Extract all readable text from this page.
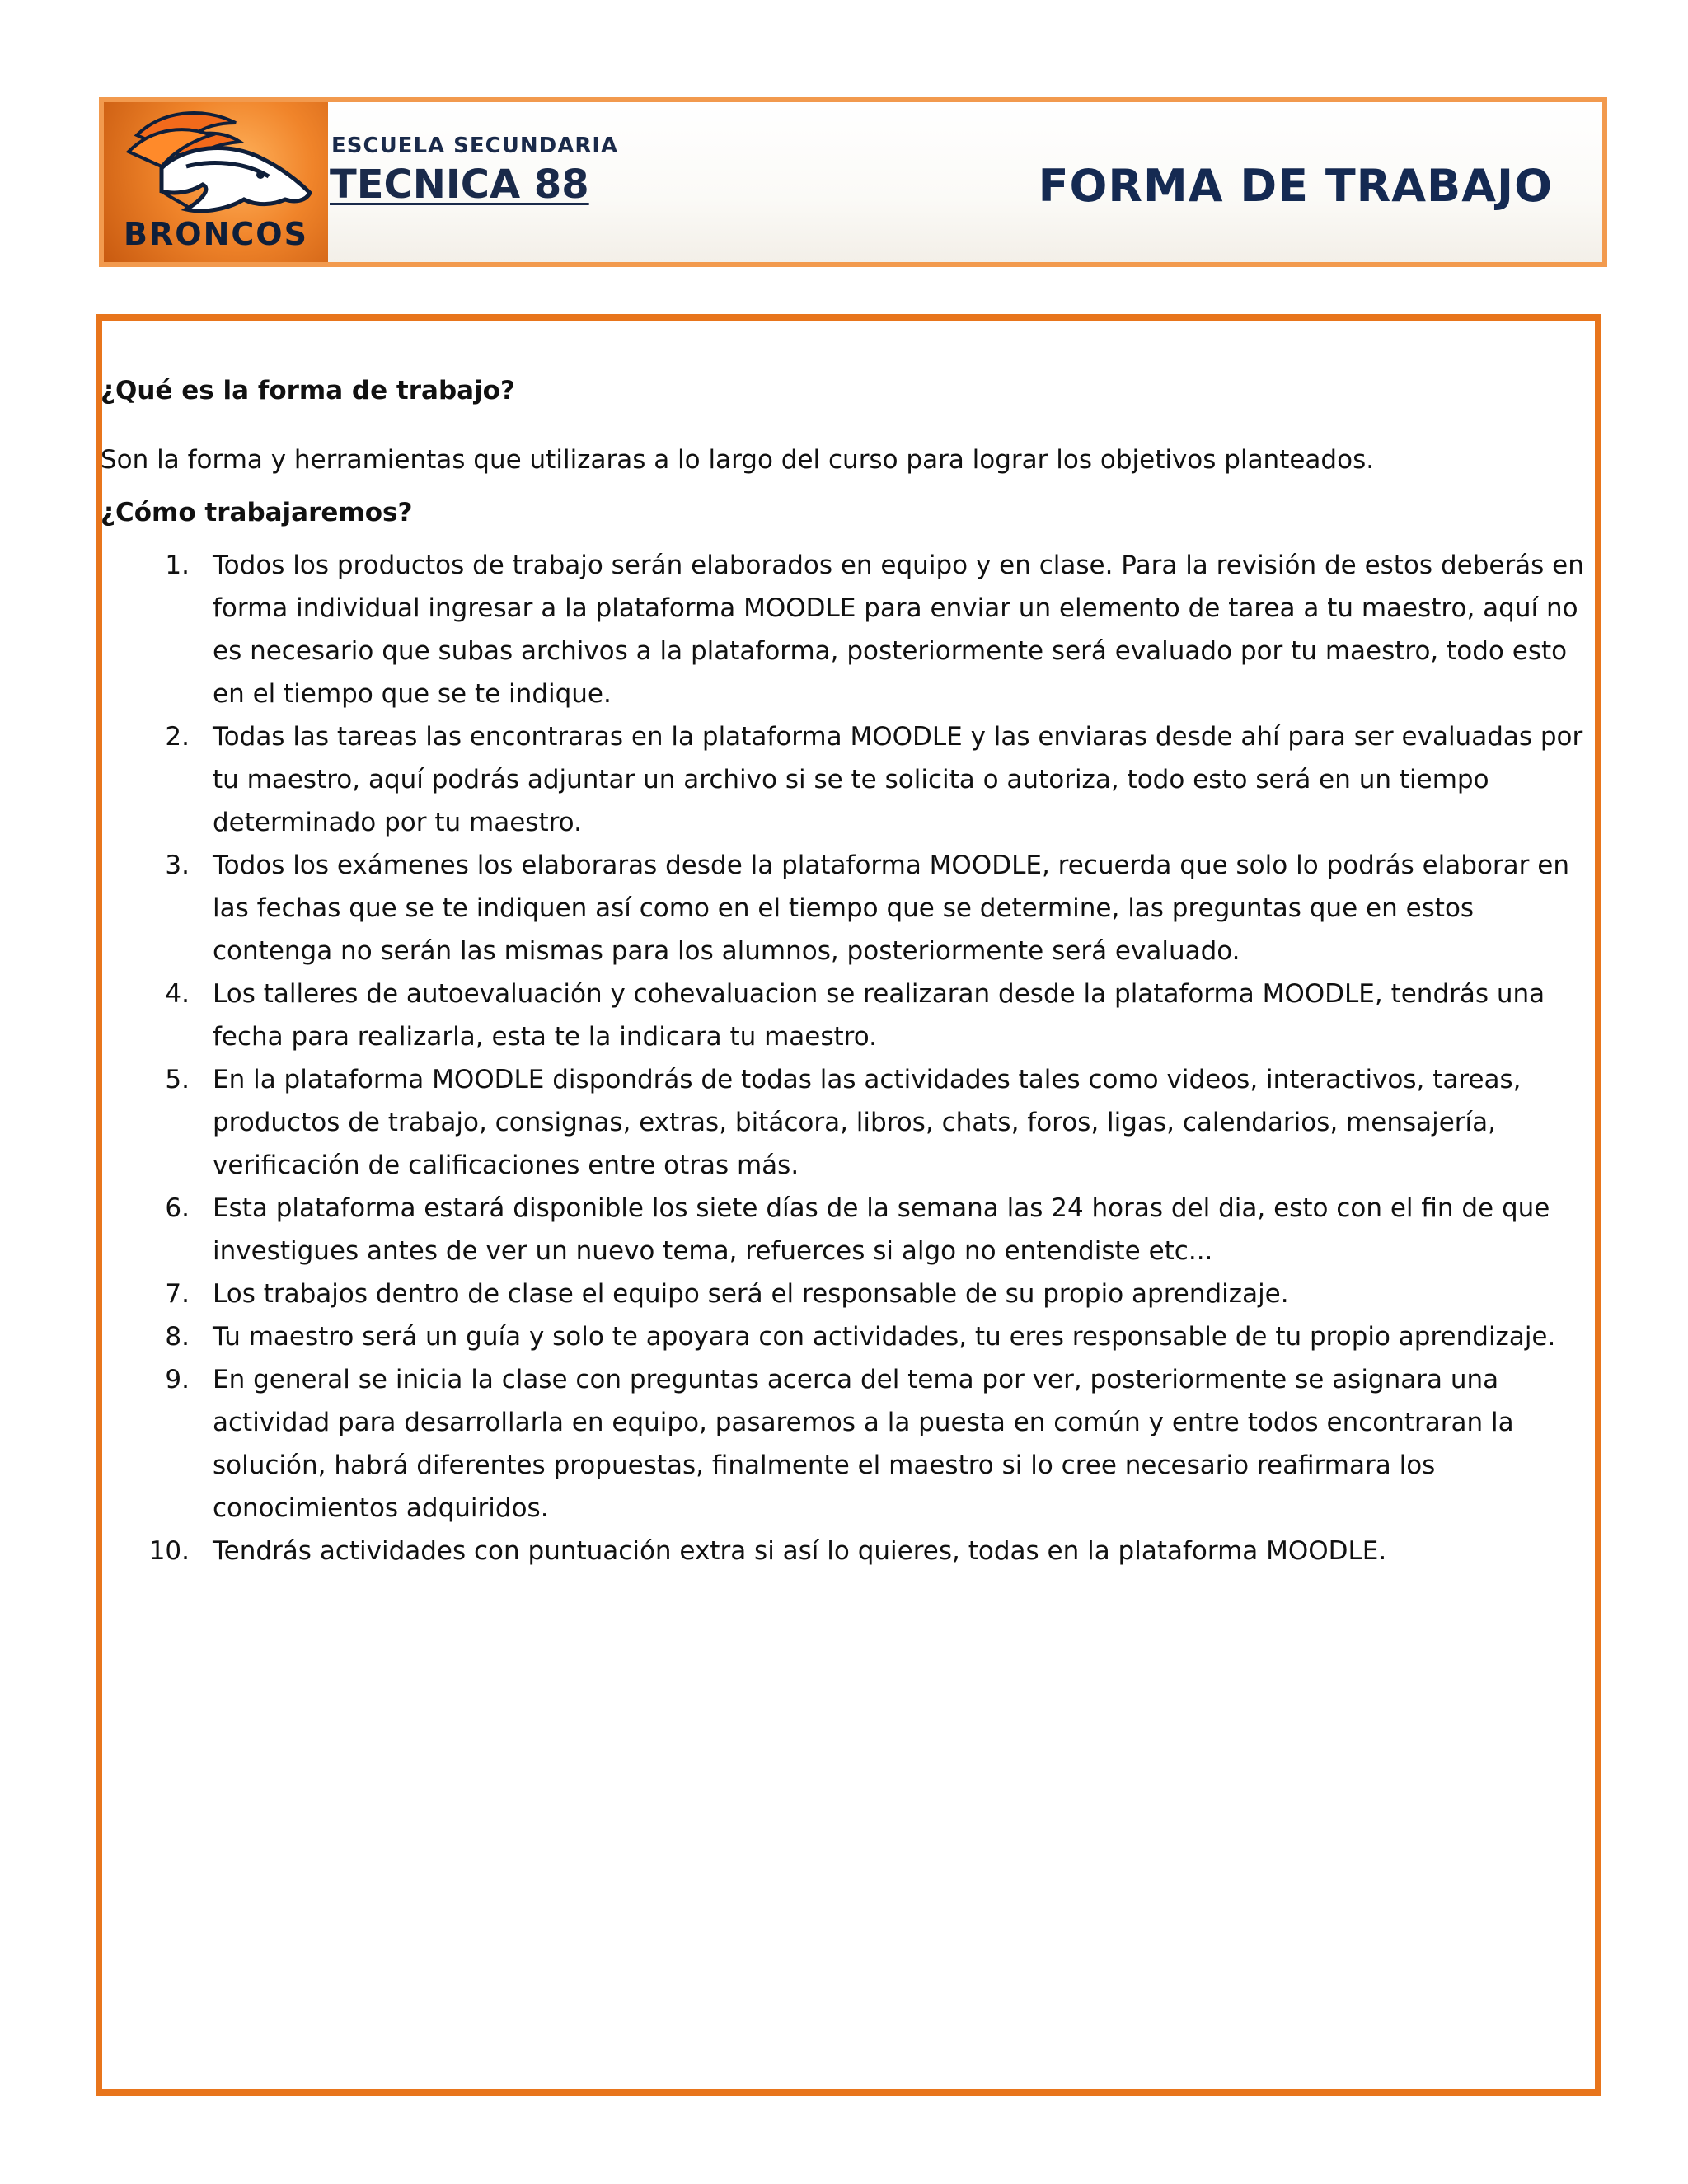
BRONCOS
ESCUELA SECUNDARIA
TECNICA 88	FORMA DE TRABAJO

¿Qué es la forma de trabajo?

Son la forma y herramientas que utilizaras a lo largo del curso para lograr los objetivos planteados.

¿Cómo trabajaremos?

1. Todos los productos de trabajo serán elaborados en equipo y en clase. Para la revisión de estos deberás en forma individual ingresar a la plataforma MOODLE para enviar un elemento de tarea a tu maestro, aquí no es necesario que subas archivos a la plataforma, posteriormente será evaluado por tu maestro, todo esto en el tiempo que se te indique.
2. Todas las tareas las encontraras en la plataforma MOODLE y las enviaras desde ahí para ser evaluadas por tu maestro, aquí podrás adjuntar un archivo si se te solicita o autoriza, todo esto será en un tiempo determinado por tu maestro.
3. Todos los exámenes los elaboraras desde la plataforma MOODLE, recuerda que solo lo podrás elaborar en las fechas que se te indiquen así como en el tiempo que se determine, las preguntas que en estos contenga no serán las mismas para los alumnos, posteriormente será evaluado.
4. Los talleres de autoevaluación y cohevaluacion se realizaran desde la plataforma MOODLE, tendrás una fecha para realizarla, esta te la indicara tu maestro.
5. En la plataforma MOODLE dispondrás de todas las actividades tales como videos, interactivos, tareas, productos de trabajo, consignas, extras, bitácora, libros, chats, foros, ligas, calendarios, mensajería, verificación de calificaciones entre otras más.
6. Esta plataforma estará disponible los siete días de la semana las 24 horas del dia, esto con el fin de que investigues antes de ver un nuevo tema, refuerces si algo no entendiste etc...
7. Los trabajos dentro de clase el equipo será el responsable de su propio aprendizaje.
8. Tu maestro será un guía y solo te apoyara con actividades, tu eres responsable de tu propio aprendizaje.
9. En general se inicia la clase con preguntas acerca del tema por ver, posteriormente se asignara una actividad para desarrollarla en equipo, pasaremos a la puesta en común y entre todos encontraran la solución, habrá diferentes propuestas, finalmente el maestro si lo cree necesario reafirmara los conocimientos adquiridos.
10. Tendrás actividades con puntuación extra si así lo quieres, todas en la plataforma MOODLE.
